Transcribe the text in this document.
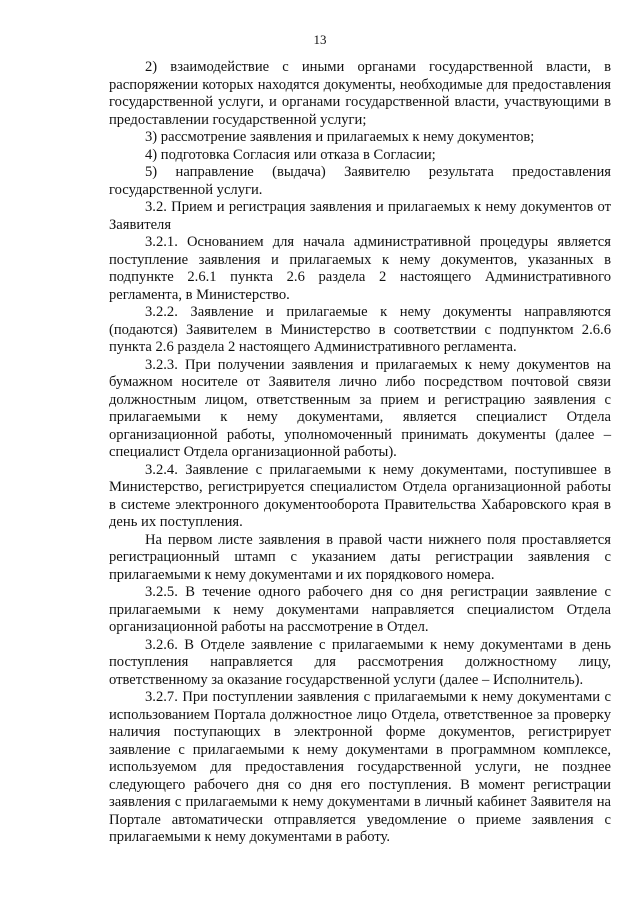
13

2) взаимодействие с иными органами государственной власти, в распоряжении которых находятся документы, необходимые для предоставления государственной услуги, и органами государственной власти, участвующими в предоставлении государственной услуги;

3) рассмотрение заявления и прилагаемых к нему документов;

4) подготовка Согласия или отказа в Согласии;

5) направление (выдача) Заявителю результата предоставления государственной услуги.

3.2. Прием и регистрация заявления и прилагаемых к нему документов от Заявителя

3.2.1. Основанием для начала административной процедуры является поступление заявления и прилагаемых к нему документов, указанных в подпункте 2.6.1 пункта 2.6 раздела 2 настоящего Административного регламента, в Министерство.

3.2.2. Заявление и прилагаемые к нему документы направляются (подаются) Заявителем в Министерство в соответствии с подпунктом 2.6.6 пункта 2.6 раздела 2 настоящего Административного регламента.

3.2.3. При получении заявления и прилагаемых к нему документов на бумажном носителе от Заявителя лично либо посредством почтовой связи должностным лицом, ответственным за прием и регистрацию заявления с прилагаемыми к нему документами, является специалист Отдела организационной работы, уполномоченный принимать документы (далее – специалист Отдела организационной работы).

3.2.4. Заявление с прилагаемыми к нему документами, поступившее в Министерство, регистрируется специалистом Отдела организационной работы в системе электронного документооборота Правительства Хабаровского края в день их поступления.

На первом листе заявления в правой части нижнего поля проставляется регистрационный штамп с указанием даты регистрации заявления с прилагаемыми к нему документами и их порядкового номера.

3.2.5. В течение одного рабочего дня со дня регистрации заявление с прилагаемыми к нему документами направляется специалистом Отдела организационной работы на рассмотрение в Отдел.

3.2.6. В Отделе заявление с прилагаемыми к нему документами в день поступления направляется для рассмотрения должностному лицу, ответственному за оказание государственной услуги (далее – Исполнитель).

3.2.7. При поступлении заявления с прилагаемыми к нему документами с использованием Портала должностное лицо Отдела, ответственное за проверку наличия поступающих в электронной форме документов, регистрирует заявление с прилагаемыми к нему документами в программном комплексе, используемом для предоставления государственной услуги, не позднее следующего рабочего дня со дня его поступления. В момент регистрации заявления с прилагаемыми к нему документами в личный кабинет Заявителя на Портале автоматически отправляется уведомление о приеме заявления с прилагаемыми к нему документами в работу.
